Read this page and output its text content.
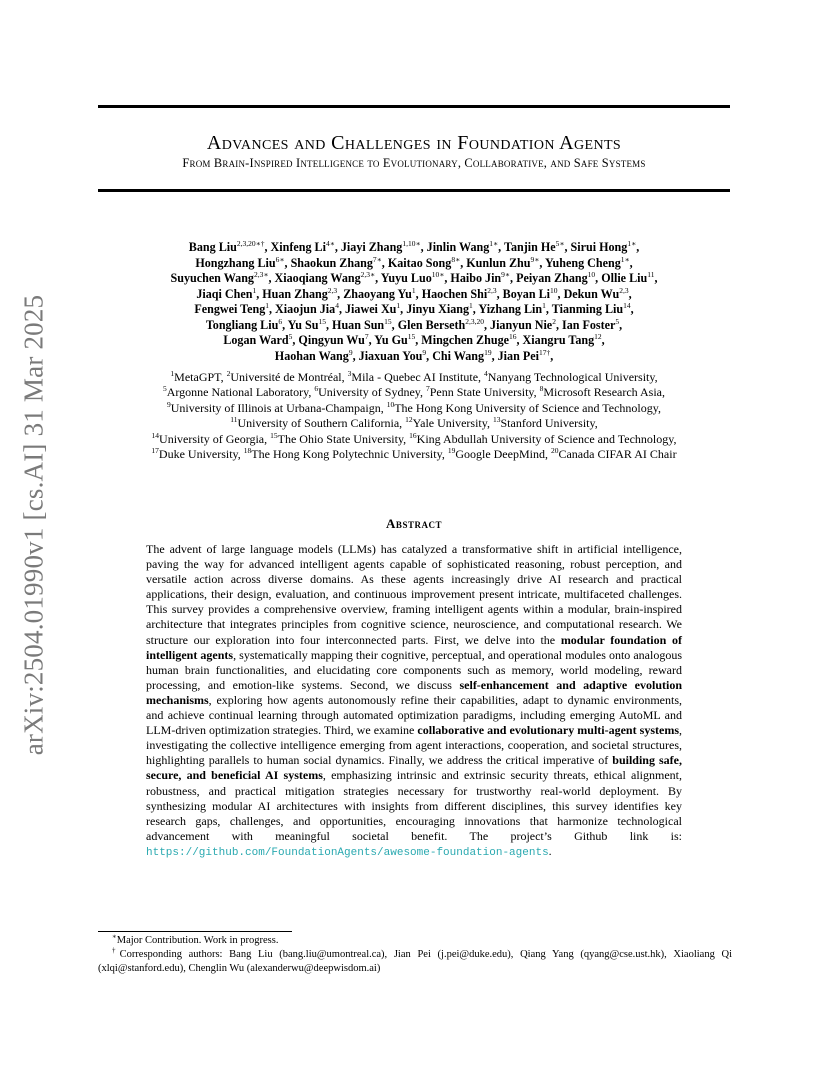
arXiv:2504.01990v1 [cs.AI] 31 Mar 2025
Advances and Challenges in Foundation Agents
From Brain-Inspired Intelligence to Evolutionary, Collaborative, and Safe Systems
Bang Liu$^{2,3,20∗\dagger}$, Xinfeng $Li^{4∗}$, Jiayi Zhang$^{1,10∗}$, Jinlin Wang$^{1∗}$, Tanjin $He^{5∗}$, Sirui Hong$^{1∗}$,
Hongzhang Liu$^{6∗}$, Shaokun Zhang$^{7∗}$, Kaitao Song$^{8∗}$, Kunlun Zhu$^{9∗}$, Yuheng Cheng$^{1∗}$,
Suyuchen Wang$^{2,3∗}$, Xiaoqiang Wang$^{2,3∗}$, Yuyu Luo$^{10∗}$, Haibo Jin$^{9∗}$, Peiyan Zhang$^{10}$, Ollie Liu$^{11}$,
Jiaqi Chen$^1$, Huan Zhang$^{2,3}$, Zhaoyang Yu$^1$, Haochen Shi$^{2,3}$, Boyan Li$^{10}$, Dekun Wu$^{2,3}$,
Fengwei Teng$^1$, Xiaojun Jia$^4$, Jiawei Xu$^1$, Jinyu Xiang$^1$, Yizhang Lin$^1$, Tianming Liu$^{14}$,
Tongliang Liu$^6$, Yu Su$^{15}$, Huan Sun$^{15}$, Glen Berseth$^{2,3,20}$, Jianyun Nie$^2$, Ian Foster$^5$,
Logan Ward$^5$, Qingyun Wu$^7$, Yu Gu$^{15}$, Mingchen Zhuge$^{16}$, Xiangru Tang$^{12}$,
Haohan Wang$^9$, Jiaxuan You$^9$, Chi Wang$^{19}$, Jian Pei$^{17\dagger}$,
$^1$MetaGPT, $^2$Université de Montréal, $^3$Mila - Quebec AI Institute, $^4$Nanyang Technological University,
$^5$Argonne National Laboratory, $^6$University of Sydney, $^7$Penn State University, $^8$Microsoft Research Asia,
$^9$University of Illinois at Urbana-Champaign, $^{10}$The Hong Kong University of Science and Technology,
$^{11}$University of Southern California, $^{12}$Yale University, $^{13}$Stanford University,
$^{14}$University of Georgia, $^{15}$The Ohio State University, $^{16}$King Abdullah University of Science and Technology,
$^{17}$Duke University, $^{18}$The Hong Kong Polytechnic University, $^{19}$Google DeepMind, $^{20}$Canada CIFAR AI Chair
Abstract
The advent of large language models (LLMs) has catalyzed a transformative shift in artificial intelligence, paving the way for advanced intelligent agents capable of sophisticated reasoning, robust perception, and versatile action across diverse domains. As these agents increasingly drive AI research and practical applications, their design, evaluation, and continuous improvement present intricate, multifaceted challenges. This survey provides a comprehensive overview, framing intelligent agents within a modular, brain-inspired architecture that integrates principles from cognitive science, neuroscience, and computational research. We structure our exploration into four interconnected parts. First, we delve into the modular foundation of intelligent agents, systematically mapping their cognitive, perceptual, and operational modules onto analogous human brain functionalities, and elucidating core components such as memory, world modeling, reward processing, and emotion-like systems. Second, we discuss self-enhancement and adaptive evolution mechanisms, exploring how agents autonomously refine their capabilities, adapt to dynamic environments, and achieve continual learning through automated optimization paradigms, including emerging AutoML and LLM-driven optimization strategies. Third, we examine collaborative and evolutionary multi-agent systems, investigating the collective intelligence emerging from agent interactions, cooperation, and societal structures, highlighting parallels to human social dynamics. Finally, we address the critical imperative of building safe, secure, and beneficial AI systems, emphasizing intrinsic and extrinsic security threats, ethical alignment, robustness, and practical mitigation strategies necessary for trustworthy real-world deployment. By synthesizing modular AI architectures with insights from different disciplines, this survey identifies key research gaps, challenges, and opportunities, encouraging innovations that harmonize technological advancement with meaningful societal benefit. The project’s Github link is: https://github.com/FoundationAgents/awesome-foundation-agents.
∗Major Contribution. Work in progress.
†Corresponding authors: Bang Liu (bang.liu@umontreal.ca), Jian Pei (j.pei@duke.edu), Qiang Yang (qyang@cse.ust.hk), Xiaoliang Qi (xlqi@stanford.edu), Chenglin Wu (alexanderwu@deepwisdom.ai)
